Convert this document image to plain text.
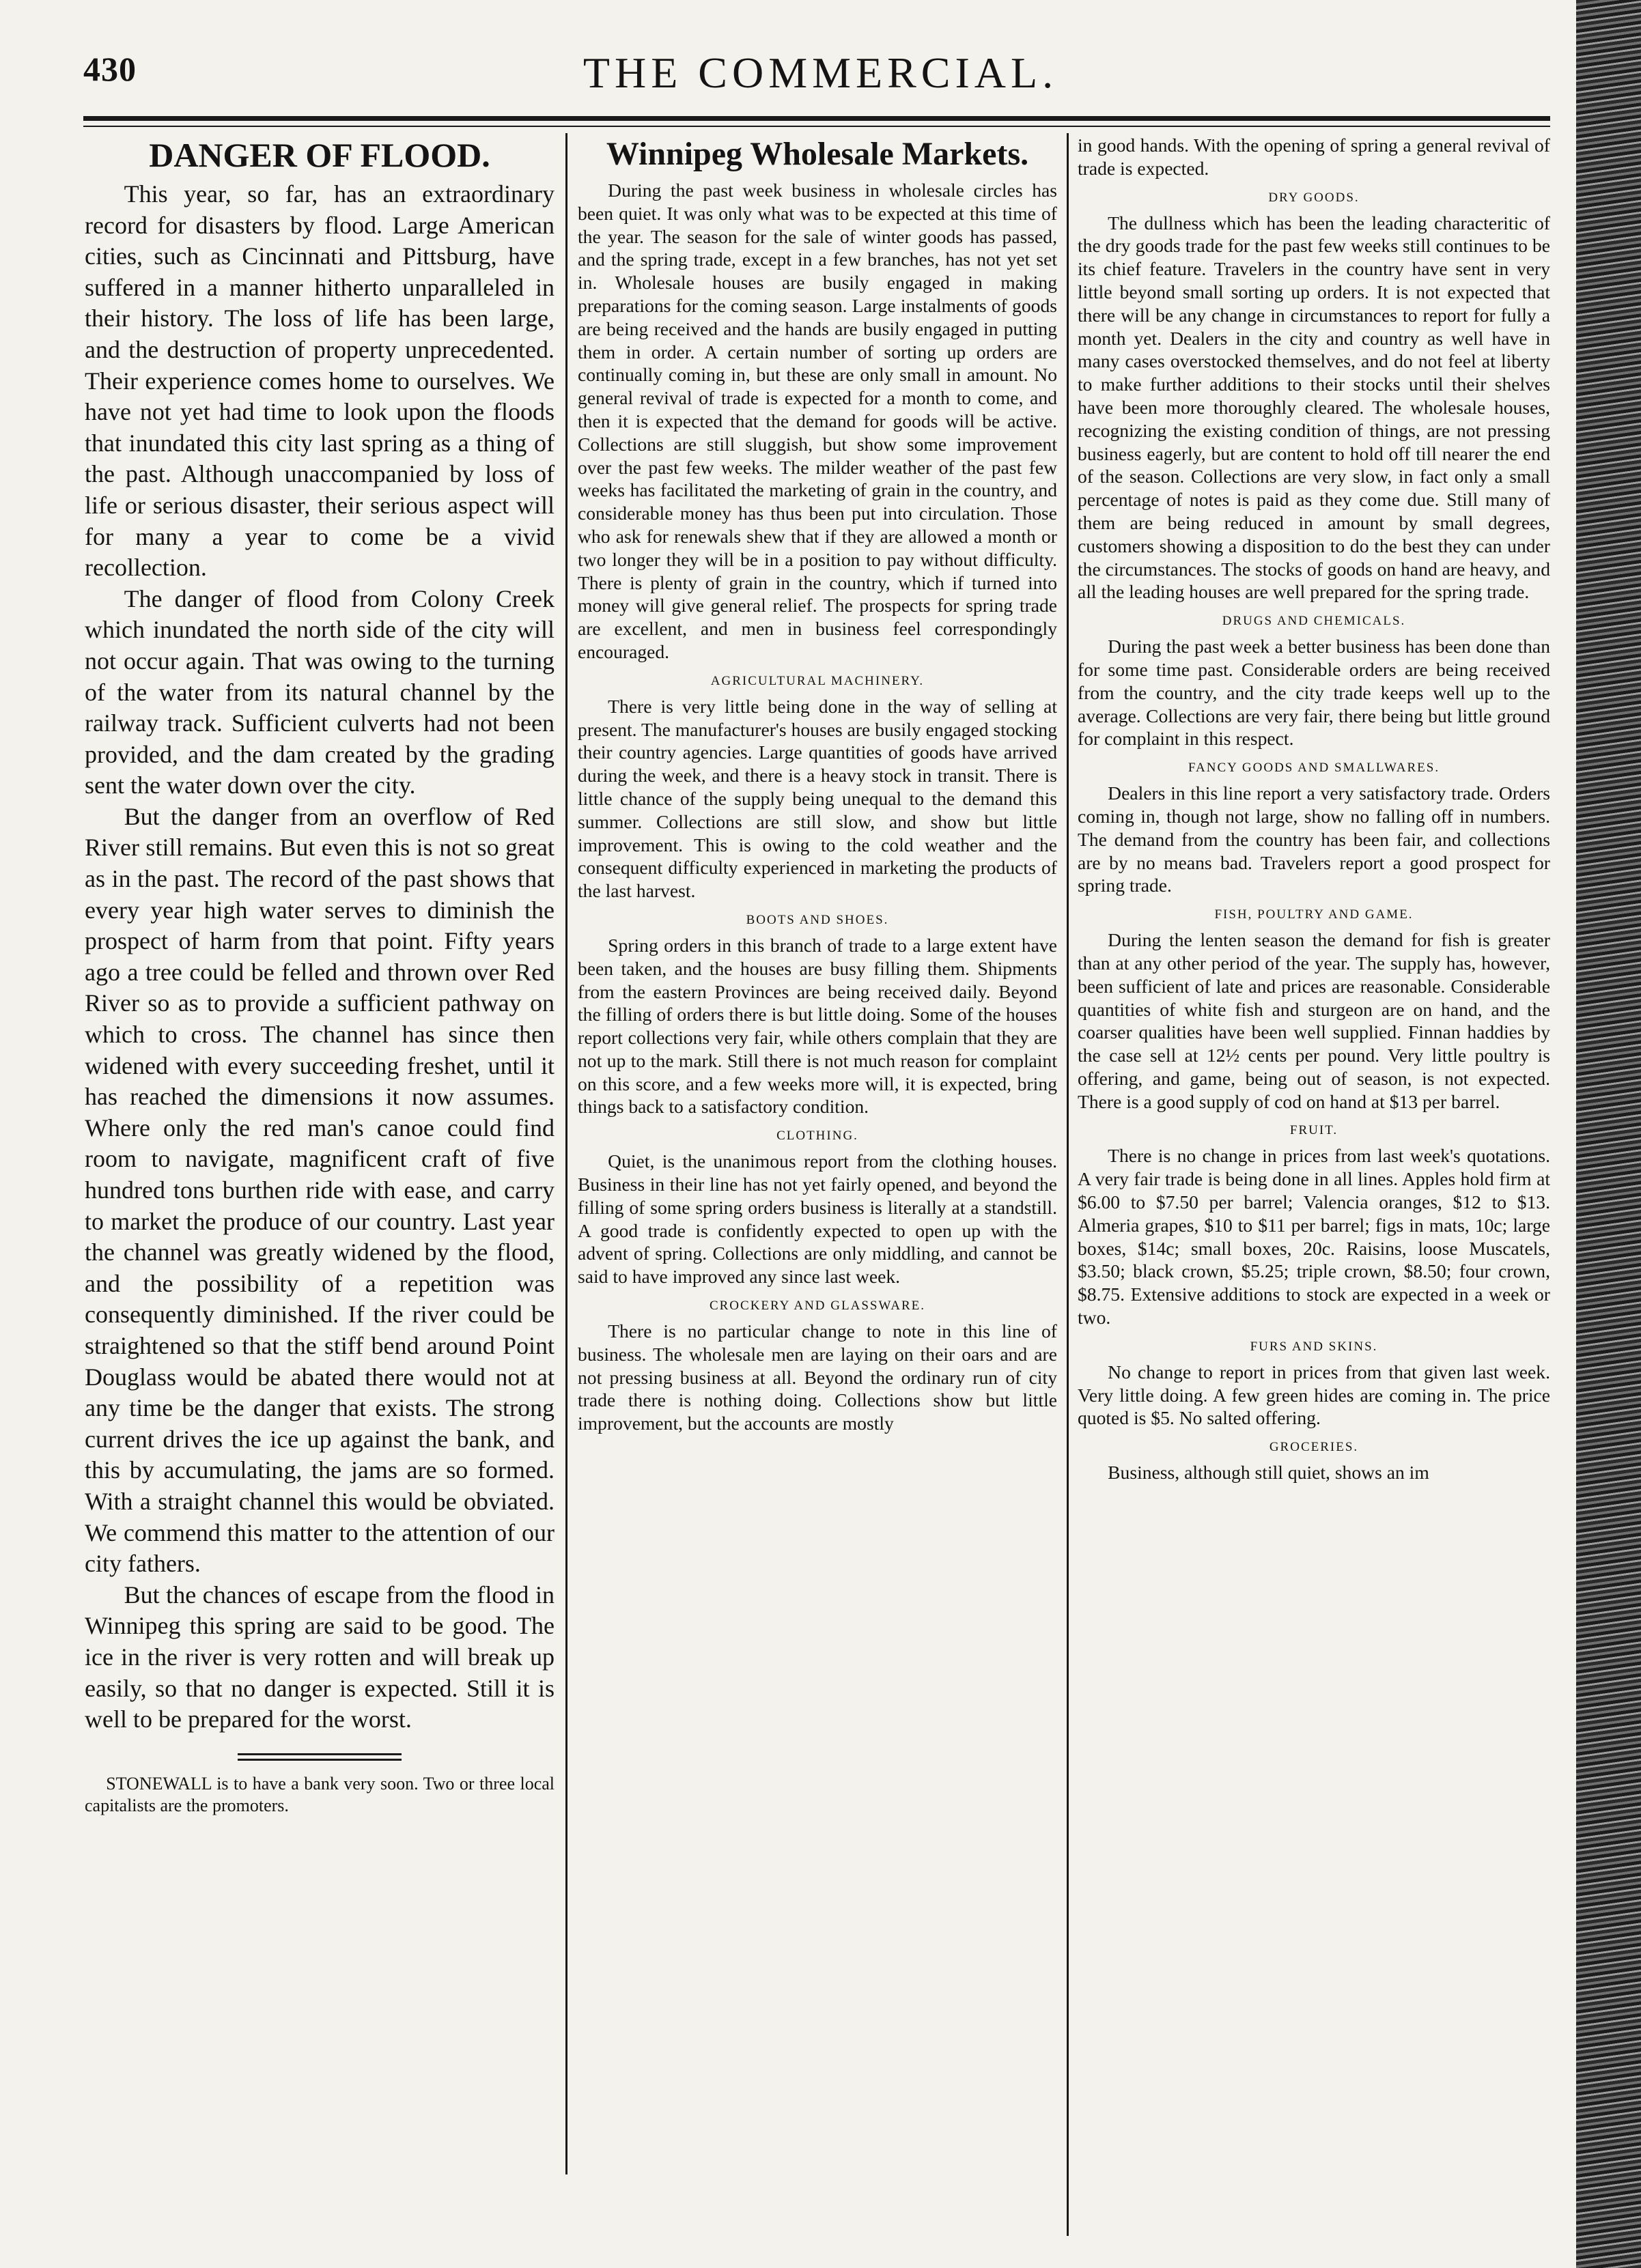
430	THE COMMERCIAL.
DANGER OF FLOOD.

This year, so far, has an extraordinary record for disasters by flood. Large American cities, such as Cincinnati and Pittsburg, have suffered in a manner hitherto unparalleled in their history. The loss of life has been large, and the destruction of property unprecedented. Their experience comes home to ourselves. We have not yet had time to look upon the floods that inundated this city last spring as a thing of the past. Although unaccompanied by loss of life or serious disaster, their serious aspect will for many a year to come be a vivid recollection.

The danger of flood from Colony Creek which inundated the north side of the city will not occur again. That was owing to the turning of the water from its natural channel by the railway track. Sufficient culverts had not been provided, and the dam created by the grading sent the water down over the city.

But the danger from an overflow of Red River still remains. But even this is not so great as in the past. The record of the past shows that every year high water serves to diminish the prospect of harm from that point. Fifty years ago a tree could be felled and thrown over Red River so as to provide a sufficient pathway on which to cross. The channel has since then widened with every succeeding freshet, until it has reached the dimensions it now assumes. Where only the red man's canoe could find room to navigate, magnificent craft of five hundred tons burthen ride with ease, and carry to market the produce of our country. Last year the channel was greatly widened by the flood, and the possibility of a repetition was consequently diminished. If the river could be straightened so that the stiff bend around Point Douglass would be abated there would not at any time be the danger that exists. The strong current drives the ice up against the bank, and this by accumulating, the jams are so formed. With a straight channel this would be obviated. We commend this matter to the attention of our city fathers.

But the chances of escape from the flood in Winnipeg this spring are said to be good. The ice in the river is very rotten and will break up easily, so that no danger is expected. Still it is well to be prepared for the worst.

STONEWALL is to have a bank very soon. Two or three local capitalists are the promoters.

Winnipeg Wholesale Markets.

During the past week business in wholesale circles has been quiet. It was only what was to be expected at this time of the year. The season for the sale of winter goods has passed, and the spring trade, except in a few branches, has not yet set in. Wholesale houses are busily engaged in making preparations for the coming season. Large instalments of goods are being received and the hands are busily engaged in putting them in order. A certain number of sorting up orders are continually coming in, but these are only small in amount. No general revival of trade is expected for a month to come, and then it is expected that the demand for goods will be active. Collections are still sluggish, but show some improvement over the past few weeks. The milder weather of the past few weeks has facilitated the marketing of grain in the country, and considerable money has thus been put into circulation. Those who ask for renewals shew that if they are allowed a month or two longer they will be in a position to pay without difficulty. There is plenty of grain in the country, which if turned into money will give general relief. The prospects for spring trade are excellent, and men in business feel correspondingly encouraged.

AGRICULTURAL MACHINERY.

There is very little being done in the way of selling at present. The manufacturer's houses are busily engaged stocking their country agencies. Large quantities of goods have arrived during the week, and there is a heavy stock in transit. There is little chance of the supply being unequal to the demand this summer. Collections are still slow, and show but little improvement. This is owing to the cold weather and the consequent difficulty experienced in marketing the products of the last harvest.

BOOTS AND SHOES.

Spring orders in this branch of trade to a large extent have been taken, and the houses are busy filling them. Shipments from the eastern Provinces are being received daily. Beyond the filling of orders there is but little doing. Some of the houses report collections very fair, while others complain that they are not up to the mark. Still there is not much reason for complaint on this score, and a few weeks more will, it is expected, bring things back to a satisfactory condition.

CLOTHING.

Quiet, is the unanimous report from the clothing houses. Business in their line has not yet fairly opened, and beyond the filling of some spring orders business is literally at a standstill. A good trade is confidently expected to open up with the advent of spring. Collections are only middling, and cannot be said to have improved any since last week.

CROCKERY AND GLASSWARE.

There is no particular change to note in this line of business. The wholesale men are laying on their oars and are not pressing business at all. Beyond the ordinary run of city trade there is nothing doing. Collections show but little improvement, but the accounts are mostly

in good hands. With the opening of spring a general revival of trade is expected.

DRY GOODS.

The dullness which has been the leading characteritic of the dry goods trade for the past few weeks still continues to be its chief feature. Travelers in the country have sent in very little beyond small sorting up orders. It is not expected that there will be any change in circumstances to report for fully a month yet. Dealers in the city and country as well have in many cases overstocked themselves, and do not feel at liberty to make further additions to their stocks until their shelves have been more thoroughly cleared. The wholesale houses, recognizing the existing condition of things, are not pressing business eagerly, but are content to hold off till nearer the end of the season. Collections are very slow, in fact only a small percentage of notes is paid as they come due. Still many of them are being reduced in amount by small degrees, customers showing a disposition to do the best they can under the circumstances. The stocks of goods on hand are heavy, and all the leading houses are well prepared for the spring trade.

DRUGS AND CHEMICALS.

During the past week a better business has been done than for some time past. Considerable orders are being received from the country, and the city trade keeps well up to the average. Collections are very fair, there being but little ground for complaint in this respect.

FANCY GOODS AND SMALLWARES.

Dealers in this line report a very satisfactory trade. Orders coming in, though not large, show no falling off in numbers. The demand from the country has been fair, and collections are by no means bad. Travelers report a good prospect for spring trade.

FISH, POULTRY AND GAME.

During the lenten season the demand for fish is greater than at any other period of the year. The supply has, however, been sufficient of late and prices are reasonable. Considerable quantities of white fish and sturgeon are on hand, and the coarser qualities have been well supplied. Finnan haddies by the case sell at 12½ cents per pound. Very little poultry is offering, and game, being out of season, is not expected. There is a good supply of cod on hand at $13 per barrel.

FRUIT.

There is no change in prices from last week's quotations. A very fair trade is being done in all lines. Apples hold firm at $6.00 to $7.50 per barrel; Valencia oranges, $12 to $13. Almeria grapes, $10 to $11 per barrel; figs in mats, 10c; large boxes, $14c; small boxes, 20c. Raisins, loose Muscatels, $3.50; black crown, $5.25; triple crown, $8.50; four crown, $8.75. Extensive additions to stock are expected in a week or two.

FURS AND SKINS.

No change to report in prices from that given last week. Very little doing. A few green hides are coming in. The price quoted is $5. No salted offering.

GROCERIES.

Business, although still quiet, shows an im
